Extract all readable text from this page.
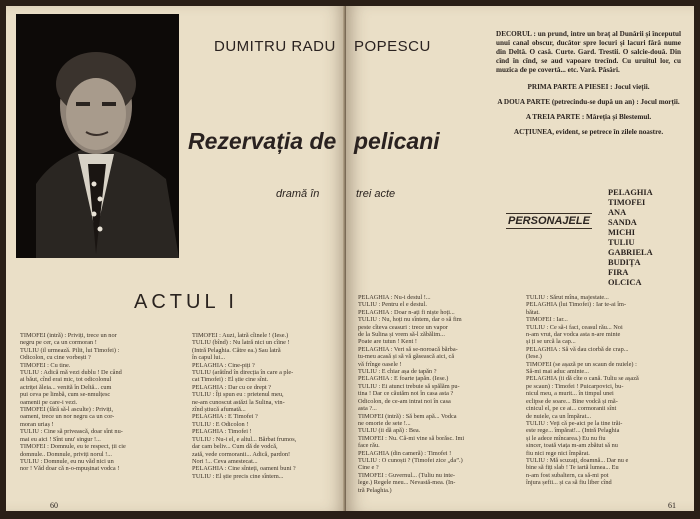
DUMITRU RADU
Rezervația de
dramă în
ACTUL I

TIMOFEI (intră) : Priviți, trece un nor

negru pe cer, ca un cormoran !

TULIU (il urmează. Pilit, lui Timofei) :

Odicolon, cu cine vorbești ?

TIMOFEI : Cu tine.

TULIU : Adică mă vezi dublu ! De când

ai băut, cînd erai mic, tot odicolonul

actriței ăleia... venită în Deltă... cum

pui ceva pe limbă, cum se-nmulțesc

oamenii pe care-i vezi.

TIMOFEI (fără să-l asculte) : Priviți,

oameni, trece un nor negru ca un cor-

moran uriaș !

TULIU : Cine să privească, doar sînt nu-

mai eu aici ! Sînt unu' singur !...

TIMOFEI : Domnule, eu te respect, ții cie

domnule.. Domnule, priviți norul !...

TULIU : Domnule, eu nu văd nici un

nor ! Văd doar că n-o-mpușinat vodca !

TIMOFEI : Auzi, latră cîinele ! (Iese.)

TULIU (bînd) : Nu latră nici un cîine !

(Intră Pelaghia. Către ea.) Sau latră

în capul lui...

PELAGHIA : Cine-piți ?

TULIU (arătînd în direcția în care a ple-

cat Timofei) : El știe cine sînt.

PELAGHIA : Dar cu ce drept ?

TULIU : Îți spun eu : prietenul meu,

ne-am cunoscut astăzi la Sulina, vin-

zînd știucă afumată...

PELAGHIA : E Timofei ?

TULIU : E Odicolon !

PELAGHIA : Timofei !

TULIU : Nu-i el, e altul... Bărbat frumos,

dar cam beliv... Cum dă de vodcă,

zată, vede cormoranii... Adică, pardon!

Nori !... Ceva amestecat...

PELAGHIA : Cine sînteți, oameni buni ?

TULIU : El știe precis cine sîntem...

60
POPESCU
pelicani
trei acte

DECORUL : un prund, intre un braț al Dunării și începutul unui canal obscur, ducător spre locuri și lacuri fără nume din Deltă. O casă. Curte. Gard. Trestii. O salcie-două. Din cînd în cînd, se aud vapoare trecînd. Cu uruitul lor, cu muzica de pe covertă... etc. Vară. Păsări.

PRIMA PARTE A PIESEI : Jocul vieții.

A DOUA PARTE (petrecindu-se după un an) : Jocul morții.

A TREIA PARTE : Mărețiа și Blestemul.

ACȚIUNEA, evident, se petrece în zilele noastre.

PERSONAJELE
PELAGHIA
TIMOFEI
ANA
SANDA
MICHI
TULIU
GABRIELA
BUDIȚA
FIRA
OLCICA

PELAGHIA : Nu-i destul !...

TULIU : Pentru el e destul.

PELAGHIA : Doar n-ați fi niște hoți...

TULIU : Nu, hoți nu sîntem, dar o să fim

peste cîteva ceasuri : trece un vapor

de la Sulina și vrem să-l zăbălim...

Poate are tutun ! Kent !

PELAGHIA : Veri să se-noroacă bărba-

tu-meu acasă și să vă găsească aici, că

vă frînge oasele !

TULIU : E chiar așa de tapăn ?

PELAGHIA : E foarte țapăn. (Iese.)

TULIU : Ei atunci trebuie să spălăm pu-

tina ! Dar ce căutăm noi în casa asta ?

Odicolon, de ce-am intrat noi în casa

asta ?...

TIMOFEI (intră) : Să bem apă... Vodca

ne omoriе de sete !...

TULIU (ii dă apă) : Bea.

TIMOFEI : Nu. Că-mi vine să borăsc. Imi

face rău.

PELAGHIA (din cameră) : Timofei !

TULIU : O cunoști ? (Timofei zice „da”.)

Cine e ?

TIMOFEI : Guvernul... (Tuliu nu inte-

lege.) Regele meu... Nevastă-mea. (In-

tră Pelaghia.)

TULIU : Sărut mîna, majestate...

PELAGHIA (lui Timofei) : Iar te-ai îm-

bătat.

TIMOFEI : Iar...

TULIU : Ce să-i faci, ceasul rău... Noi

n-am vrut, dar vodca asta n-are minte

și ți se urcă la cap...

PELAGHIA : Să vă dau ciorbă de crap...

(Iese.)

TIMOFEI (se așază pe un scaun de nuiele) :

Să-mi mai aduc aminte...

PELAGHIA (ii dă cîte o cană. Tuliu se așază

pe scaun) : Timofei ! Puicarpovici, bu-

nicul meu, a murit... în timpul unei

eclipse de soare... Bine vodcă și mă-

cinicul el, pe ce ai... cormoranii sînt

de nuiele, ca un împărat...

TULIU : Veți că pe-aici pe la tine trăi-

este rege... împărat!... (Intră Pelaghia

și le adece mîncarea.) Eu nu fiu

sincer, toată viața m-am zbătut să nu

fiu nici rege nici împărat.

TULIU : Mă scuzați, doamnă... Dar nu e

bine să fiți slab ! Te iartă lumea... Eu

n-am fost subaltern, ca să-mi pot

înjura șefii... și ca să fiu liber cînd

61
